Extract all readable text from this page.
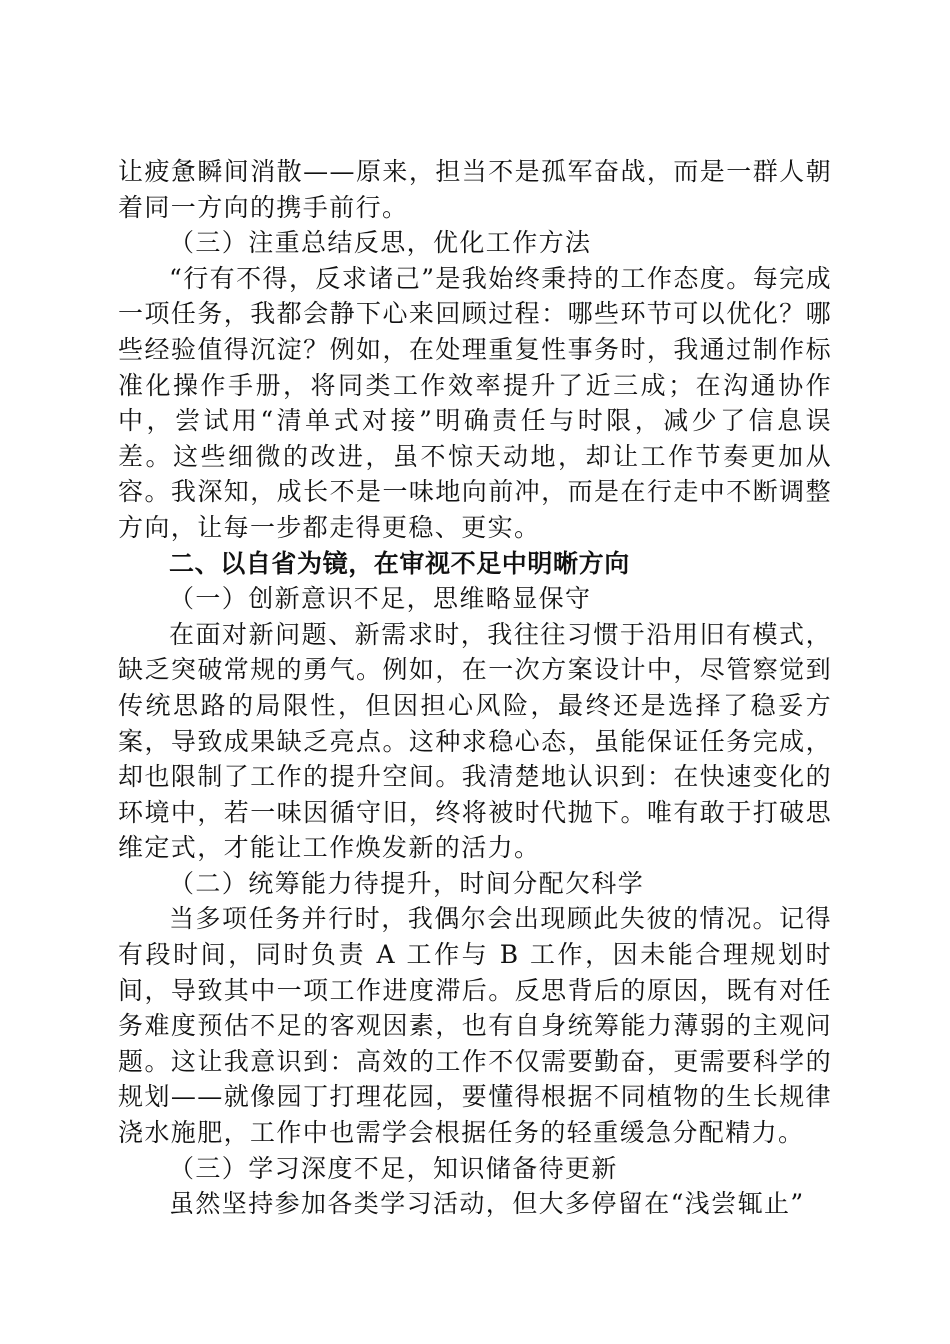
让疲惫瞬间消散——原来，担当不是孤军奋战，而是一群人朝着同一方向的携手前行。

（三）注重总结反思，优化工作方法

“行有不得，反求诸己”是我始终秉持的工作态度。每完成一项任务，我都会静下心来回顾过程：哪些环节可以优化？哪些经验值得沉淀？例如，在处理重复性事务时，我通过制作标准化操作手册，将同类工作效率提升了近三成；在沟通协作中，尝试用“清单式对接”明确责任与时限，减少了信息误差。这些细微的改进，虽不惊天动地，却让工作节奏更加从容。我深知，成长不是一味地向前冲，而是在行走中不断调整方向，让每一步都走得更稳、更实。

二、以自省为镜，在审视不足中明晰方向

（一）创新意识不足，思维略显保守

在面对新问题、新需求时，我往往习惯于沿用旧有模式，缺乏突破常规的勇气。例如，在一次方案设计中，尽管察觉到传统思路的局限性，但因担心风险，最终还是选择了稳妥方案，导致成果缺乏亮点。这种求稳心态，虽能保证任务完成，却也限制了工作的提升空间。我清楚地认识到：在快速变化的环境中，若一味因循守旧，终将被时代抛下。唯有敢于打破思维定式，才能让工作焕发新的活力。

（二）统筹能力待提升，时间分配欠科学

当多项任务并行时，我偶尔会出现顾此失彼的情况。记得有段时间，同时负责 A 工作与 B 工作，因未能合理规划时间，导致其中一项工作进度滞后。反思背后的原因，既有对任务难度预估不足的客观因素，也有自身统筹能力薄弱的主观问题。这让我意识到：高效的工作不仅需要勤奋，更需要科学的规划——就像园丁打理花园，要懂得根据不同植物的生长规律浇水施肥，工作中也需学会根据任务的轻重缓急分配精力。

（三）学习深度不足，知识储备待更新

虽然坚持参加各类学习活动，但大多停留在“浅尝辄止”
